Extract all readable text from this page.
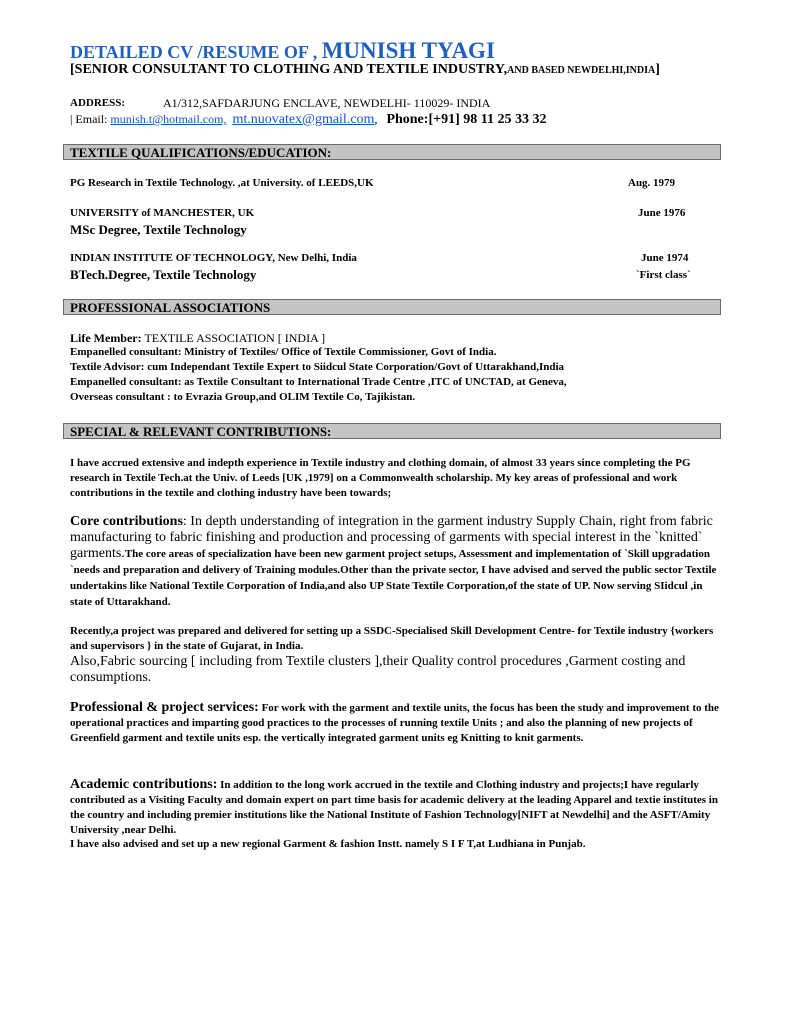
DETAILED CV /RESUME OF , MUNISH TYAGI
[SENIOR CONSULTANT TO CLOTHING AND TEXTILE INDUSTRY,AND BASED NEWDELHI,INDIA]
ADDRESS:	A1/312,SAFDARJUNG ENCLAVE, NEWDELHI- 110029- INDIA
| Email: munish.t@hotmail.com, mt.nuovatex@gmail.com,   Phone:[+91] 98 11 25 33 32
TEXTILE QUALIFICATIONS/EDUCATION:
PG Research in Textile Technology. ,at University. of LEEDS,UK	Aug. 1979
UNIVERSITY of MANCHESTER, UK	June 1976
MSc Degree, Textile Technology
INDIAN INSTITUTE OF TECHNOLOGY, New Delhi, India	June 1974
BTech.Degree, Textile Technology	`First class`
PROFESSIONAL ASSOCIATIONS
Life Member: TEXTILE ASSOCIATION [ INDIA ]
Empanelled consultant: Ministry of Textiles/ Office of Textile Commissioner, Govt of India.
Textile Advisor: cum Independant Textile Expert to Siidcul State Corporation/Govt of Uttarakhand,India
Empanelled consultant: as Textile Consultant to International Trade Centre ,ITC of UNCTAD, at Geneva,
Overseas consultant : to Evrazia Group,and OLIM Textile Co, Tajikistan.
SPECIAL & RELEVANT CONTRIBUTIONS:
I have accrued extensive and indepth experience in Textile industry and clothing domain, of almost 33 years since completing the PG research in Textile Tech.at the Univ. of Leeds [UK ,1979] on a Commonwealth scholarship. My key areas of professional and work contributions in the textile and clothing industry have been towards;
Core contributions: In depth understanding of integration in the garment industry Supply Chain, right from fabric manufacturing to fabric finishing and production and processing of garments with special interest in the `knitted` garments.The core areas of specialization have been new garment project setups, Assessment and implementation of `Skill upgradation `needs and preparation and delivery of Training modules.Other than the private sector, I have advised and served the public sector Textile undertakins like National Textile Corporation of India,and also UP State Textile Corporation,of the state of UP. Now serving SIidcul ,in state of Uttarakhand.
Recently,a project was prepared and delivered for setting up a SSDC-Specialised Skill Development Centre- for Textile industry {workers and supervisors } in the state of Gujarat, in India.
Also,Fabric sourcing [ including from Textile clusters ],their Quality control procedures ,Garment costing and consumptions.
Professional & project services: For work with the garment and textile units, the focus has been the study and improvement to the operational practices and imparting good practices to the processes of running textile Units ; and also the planning of new projects of Greenfield garment and textile units esp. the vertically integrated garment units eg Knitting to knit garments.
Academic contributions: In addition to the long work accrued in the textile and Clothing industry and projects;I have regularly contributed as a Visiting Faculty and domain expert on part time basis for academic delivery at the leading Apparel and textie institutes in the country and including premier institutions like the National Institute of Fashion Technology[NIFT at Newdelhi] and the ASFT/Amity University ,near Delhi.
I have also advised and set up a new regional Garment & fashion Instt. namely S I F T,at Ludhiana in Punjab.
